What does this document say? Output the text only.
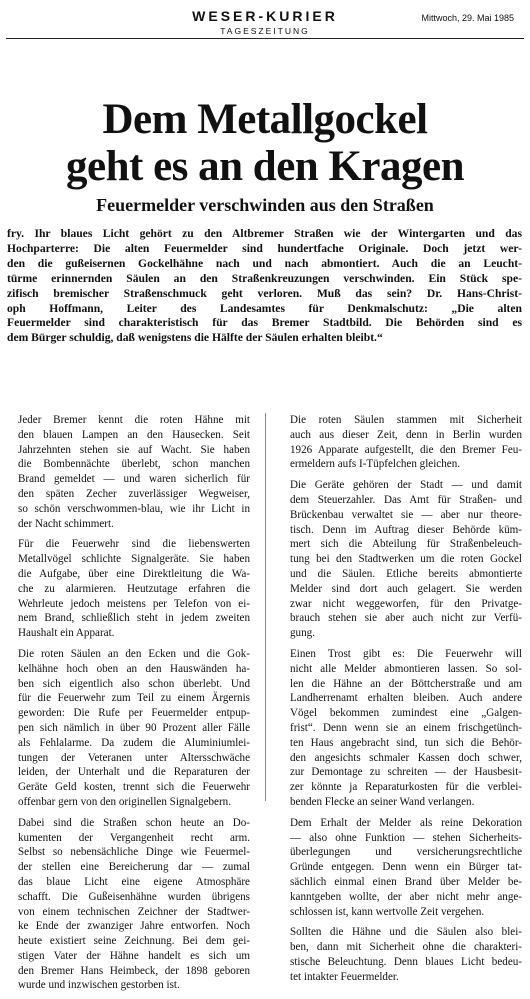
WESER-KURIER
TAGESZEITUNG
Mittwoch, 29. Mai 1985
Dem Metallgockel
geht es an den Kragen
Feuermelder verschwinden aus den Straßen
fry. Ihr blaues Licht gehört zu den Altbremer Straßen wie der Wintergarten und das
Hochparterre: Die alten Feuermelder sind hundertfache Originale. Doch jetzt wer-
den die gußeisernen Gockelhähne nach und nach abmontiert. Auch die an Leucht-
türme erinnernden Säulen an den Straßenkreuzungen verschwinden. Ein Stück spe-
zifisch bremischer Straßenschmuck geht verloren. Muß das sein? Dr. Hans-Christ-
oph Hoffmann, Leiter des Landesamtes für Denkmalschutz: „Die alten
Feuermelder sind charakteristisch für das Bremer Stadtbild. Die Behörden sind es
dem Bürger schuldig, daß wenigstens die Hälfte der Säulen erhalten bleibt.“

Jeder Bremer kennt die roten Hähne mit
den blauen Lampen an den Hausecken. Seit
Jahrzehnten stehen sie auf Wacht. Sie haben
die Bombennächte überlebt, schon manchen
Brand gemeldet — und waren sicherlich für
den späten Zecher zuverlässiger Wegweiser,
so schön verschwommen-blau, wie ihr Licht in
der Nacht schimmert.

Für die Feuerwehr sind die liebenswerten
Metallvögel schlichte Signalgeräte. Sie haben
die Aufgabe, über eine Direktleitung die Wa-
che zu alarmieren. Heutzutage erfahren die
Wehrleute jedoch meistens per Telefon von ei-
nem Brand, schließlich steht in jedem zweiten
Haushalt ein Apparat.

Die roten Säulen an den Ecken und die Gok-
kelhähne hoch oben an den Hauswänden ha-
ben sich eigentlich also schon überlebt. Und
für die Feuerwehr zum Teil zu einem Ärgernis
geworden: Die Rufe per Feuermelder entpup-
pen sich nämlich in über 90 Prozent aller Fälle
als Fehlalarme. Da zudem die Aluminiumlei-
tungen der Veteranen unter Altersschwäche
leiden, der Unterhalt und die Reparaturen der
Geräte Geld kosten, trennt sich die Feuerwehr
offenbar gern von den originellen Signalgebern.

Dabei sind die Straßen schon heute an Do-
kumenten der Vergangenheit recht arm.
Selbst so nebensächliche Dinge wie Feuermel-
der stellen eine Bereicherung dar — zumal
das blaue Licht eine eigene Atmosphäre
schafft. Die Gußeisenhähne wurden übrigens
von einem technischen Zeichner der Stadtwer-
ke Ende der zwanziger Jahre entworfen. Noch
heute existiert seine Zeichnung. Bei dem gei-
stigen Vater der Hähne handelt es sich um
den Bremer Hans Heimbeck, der 1898 geboren
wurde und inzwischen gestorben ist.

Die roten Säulen stammen mit Sicherheit
auch aus dieser Zeit, denn in Berlin wurden
1926 Apparate aufgestellt, die den Bremer Feu-
ermeldern aufs I-Tüpfelchen gleichen.

Die Geräte gehören der Stadt — und damit
dem Steuerzahler. Das Amt für Straßen- und
Brückenbau verwaltet sie — aber nur theore-
tisch. Denn im Auftrag dieser Behörde küm-
mert sich die Abteilung für Straßenbeleuch-
tung bei den Stadtwerken um die roten Gockel
und die Säulen. Etliche bereits abmontierte
Melder sind dort auch gelagert. Sie werden
zwar nicht weggeworfen, für den Privatge-
brauch stehen sie aber auch nicht zur Verfü-
gung.

Einen Trost gibt es: Die Feuerwehr will
nicht alle Melder abmontieren lassen. So sol-
len die Hähne an der Böttcherstraße und am
Landherrenamt erhalten bleiben. Auch andere
Vögel bekommen zumindest eine „Galgen-
frist“. Denn wenn sie an einem frischgetünch-
ten Haus angebracht sind, tun sich die Behör-
den angesichts schmaler Kassen doch schwer,
zur Demontage zu schreiten — der Hausbesit-
zer könnte ja Reparaturkosten für die verblei-
benden Flecke an seiner Wand verlangen.

Dem Erhalt der Melder als reine Dekoration
— also ohne Funktion — stehen Sicherheits-
überlegungen und versicherungsrechtliche
Gründe entgegen. Denn wenn ein Bürger tat-
sächlich einmal einen Brand über Melder be-
kanntgeben wollte, der aber nicht mehr ange-
schlossen ist, kann wertvolle Zeit vergehen.

Sollten die Hähne und die Säulen also blei-
ben, dann mit Sicherheit ohne die charakteri-
stische Beleuchtung. Denn blaues Licht bedeu-
tet intakter Feuermelder.
